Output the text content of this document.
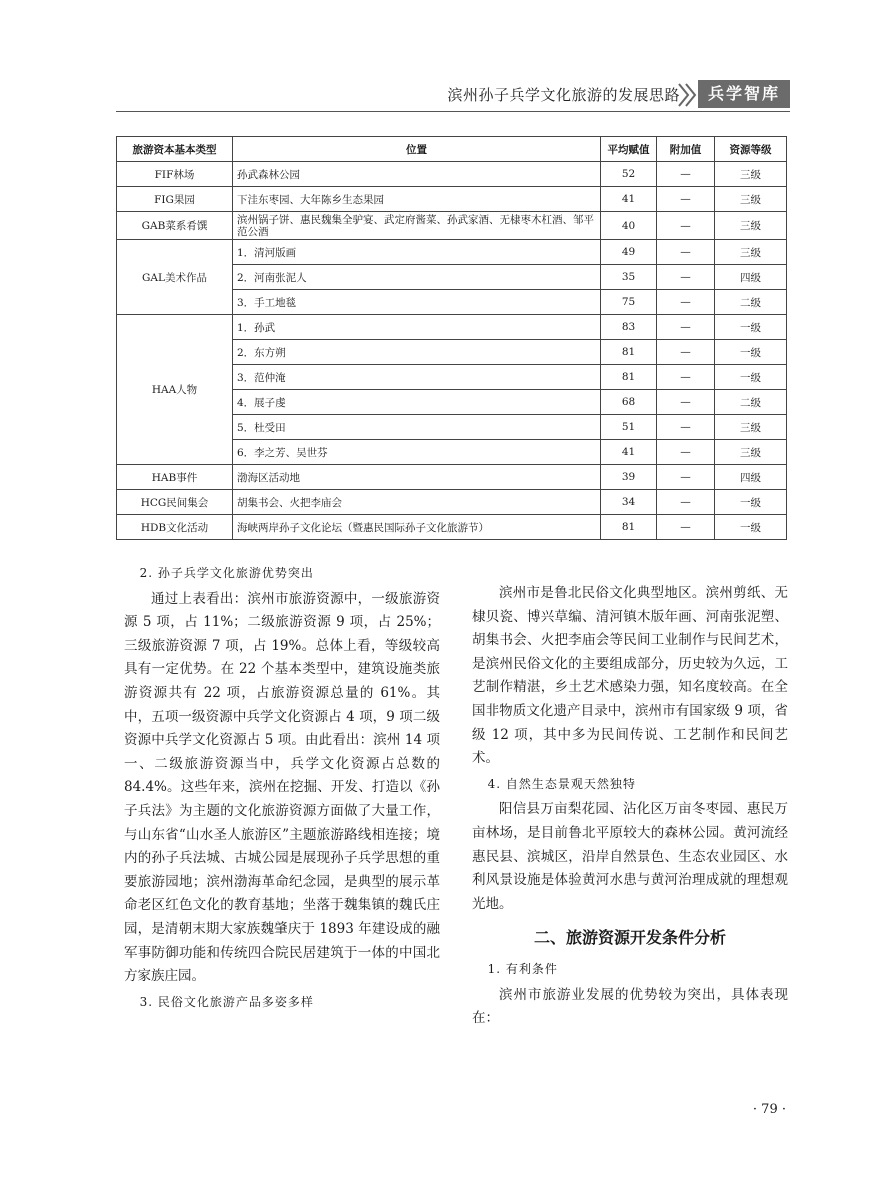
滨州孙子兵学文化旅游的发展思路	兵学智库
旅游资本基本类型	位置	平均赋值	附加值	资源等级
FIF林场	孙武森林公园	52	—	三级
FIG果园	下洼东枣园、大年陈乡生态果园	41	—	三级
GAB菜系肴馔	滨州锅子饼、惠民魏集全驴宴、武定府酱菜、孙武家酒、无棣枣木杠酒、邹平范公酒	40	—	三级
GAL美术作品	1．清河版画	49	—	三级
	2．河南张泥人	35	—	四级
	3．手工地毯	75	—	二级
HAA人物	1．孙武	83	—	一级
	2．东方朔	81	—	一级
	3．范仲淹	81	—	一级
	4．展子虔	68	—	二级
	5．杜受田	51	—	三级
	6．李之芳、吴世芬	41	—	三级
HAB事件	渤海区活动地	39	—	四级
HCG民间集会	胡集书会、火把李庙会	34	—	一级
HDB文化活动	海峡两岸孙子文化论坛（暨惠民国际孙子文化旅游节）	81	—	一级

2. 孙子兵学文化旅游优势突出

通过上表看出：滨州市旅游资源中，一级旅游资源 5 项，占 11%；二级旅游资源 9 项，占 25%；三级旅游资源 7 项，占 19%。总体上看，等级较高具有一定优势。在 22 个基本类型中，建筑设施类旅游资源共有 22 项，占旅游资源总量的 61%。其中，五项一级资源中兵学文化资源占 4 项，9 项二级资源中兵学文化资源占 5 项。由此看出：滨州 14 项一、二级旅游资源当中，兵学文化资源占总数的 84.4%。这些年来，滨州在挖掘、开发、打造以《孙子兵法》为主题的文化旅游资源方面做了大量工作，与山东省“山水圣人旅游区”主题旅游路线相连接；境内的孙子兵法城、古城公园是展现孙子兵学思想的重要旅游园地；滨州渤海革命纪念园，是典型的展示革命老区红色文化的教育基地；坐落于魏集镇的魏氏庄园，是清朝末期大家族魏肇庆于 1893 年建设成的融军事防御功能和传统四合院民居建筑于一体的中国北方家族庄园。

3. 民俗文化旅游产品多姿多样

滨州市是鲁北民俗文化典型地区。滨州剪纸、无棣贝瓷、博兴草编、清河镇木版年画、河南张泥塑、胡集书会、火把李庙会等民间工业制作与民间艺术，是滨州民俗文化的主要组成部分，历史较为久远，工艺制作精湛，乡土艺术感染力强，知名度较高。在全国非物质文化遗产目录中，滨州市有国家级 9 项，省级 12 项，其中多为民间传说、工艺制作和民间艺术。

4. 自然生态景观天然独特

阳信县万亩梨花园、沾化区万亩冬枣园、惠民万亩林场，是目前鲁北平原较大的森林公园。黄河流经惠民县、滨城区，沿岸自然景色、生态农业园区、水利风景设施是体验黄河水患与黄河治理成就的理想观光地。

二、旅游资源开发条件分析

1. 有利条件

滨州市旅游业发展的优势较为突出，具体表现在：

· 79 ·
